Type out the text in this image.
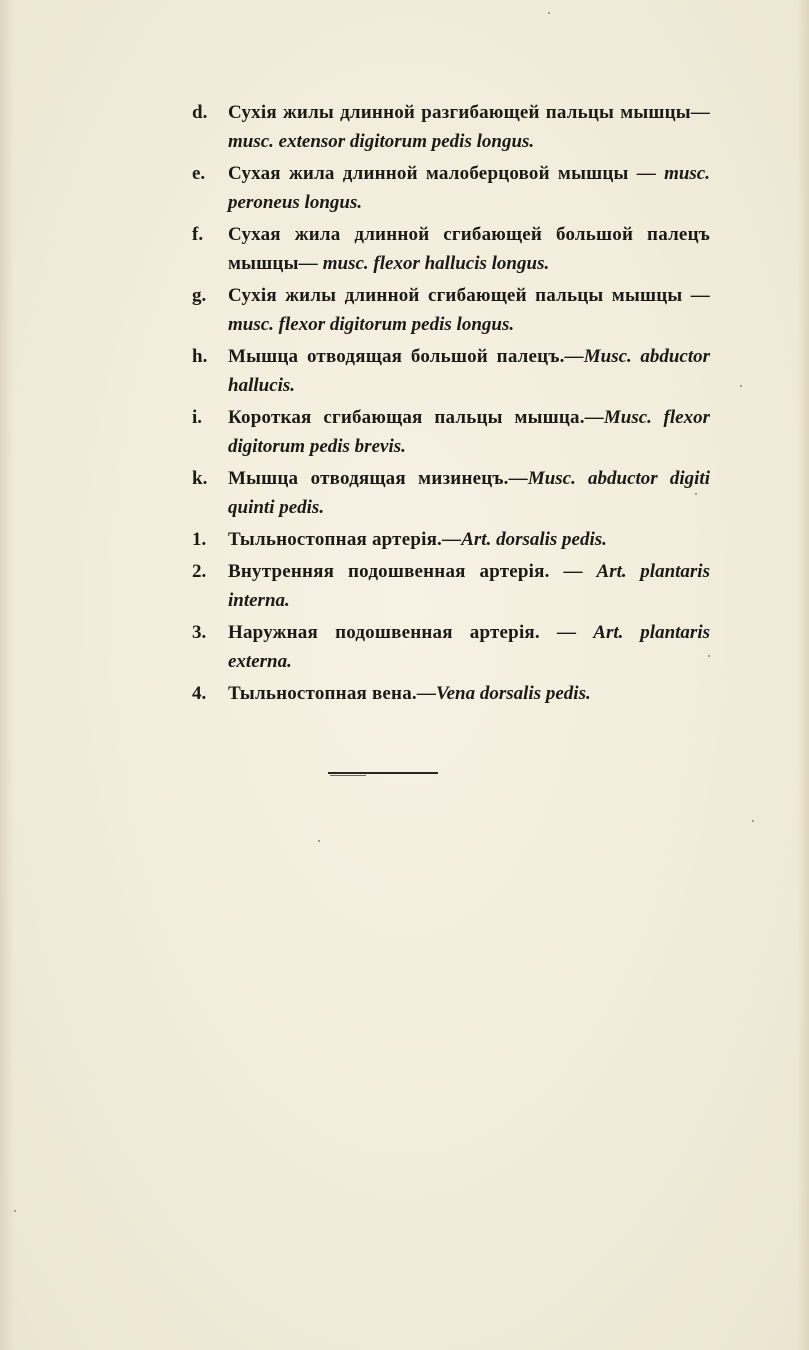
d.	Сухія жилы длинной разгибающей пальцы мышцы—
musc. extensor digitorum pedis longus.
e.	Сухая жила длинной малоберцовой мышцы — musc.
peroneus longus.
f.	Сухая жила длинной сгибающей большой палецъ
мышцы— musc. flexor hallucis longus.
g.	Сухія жилы длинной сгибающей пальцы мышцы —
musc. flexor digitorum pedis longus.
h.	Мышца отводящая большой палецъ.—Musc. abductor
hallucis.
i.	Короткая сгибающая пальцы мышца.—Musc. flexor
digitorum pedis brevis.
k.	Мышца отводящая мизинецъ.—Musc. abductor digiti
quinti pedis.
1.	Тыльностопная артерія.—Art. dorsalis pedis.
2.	Внутренняя подошвенная артерія. — Art. plantaris
interna.
3.	Наружная подошвенная артерія. — Art. plantaris
externa.
4.	Тыльностопная вена.—Vena dorsalis pedis.
